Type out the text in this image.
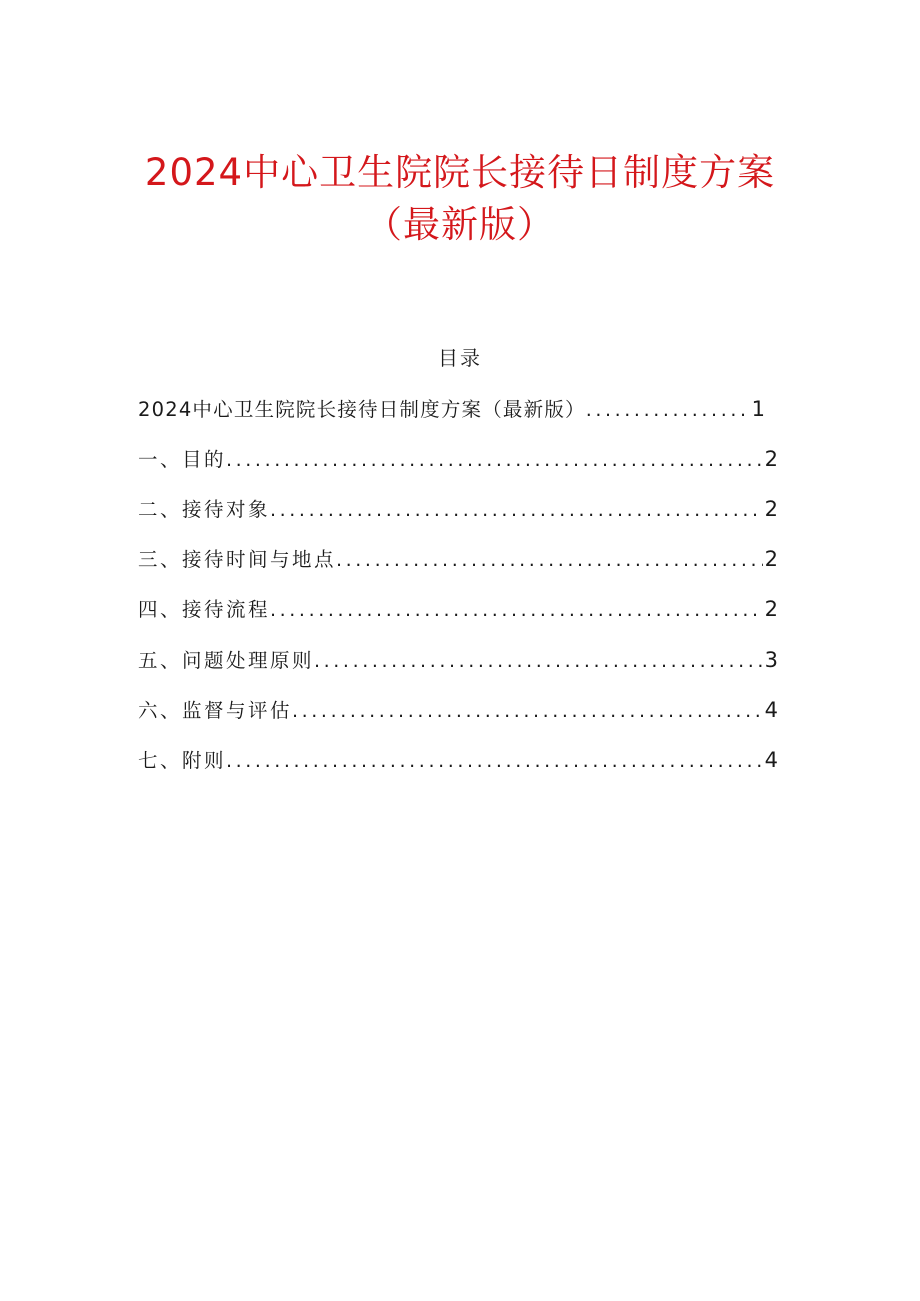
2024中心卫生院院长接待日制度方案
（最新版）
目录
2024中心卫生院院长接待日制度方案（最新版） .....	1
一、目的 .....	2
二、接待对象 .....	2
三、接待时间与地点 .....	2
四、接待流程 .....	2
五、问题处理原则 .....	3
六、监督与评估 .....	4
七、附则 .....	4
